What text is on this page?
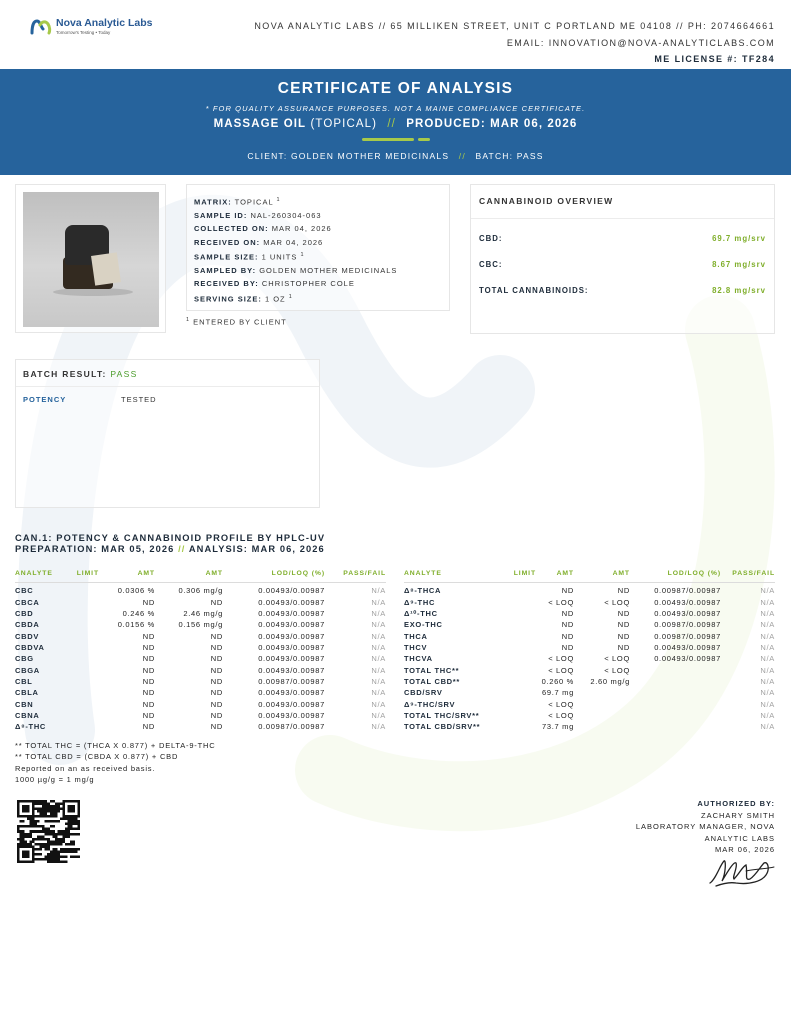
Nova Analytic Labs
Tomorrow's Testing • Today
NOVA ANALYTIC LABS // 65 MILLIKEN STREET, UNIT C PORTLAND ME 04108 // PH: 2074664661
EMAIL: INNOVATION@NOVA-ANALYTICLABS.COM
ME LICENSE #: TF284
CERTIFICATE OF ANALYSIS
* FOR QUALITY ASSURANCE PURPOSES. NOT A MAINE COMPLIANCE CERTIFICATE.
MASSAGE OIL (TOPICAL) // PRODUCED: MAR 06, 2026
CLIENT: GOLDEN MOTHER MEDICINALS // BATCH: PASS
MATRIX: TOPICAL $^1$
SAMPLE ID: NAL-260304-063
COLLECTED ON: MAR 04, 2026
RECEIVED ON: MAR 04, 2026
SAMPLE SIZE: 1 UNITS $^1$
SAMPLED BY: GOLDEN MOTHER MEDICINALS
RECEIVED BY: CHRISTOPHER COLE
SERVING SIZE: 1 OZ $^1$
$^1$ ENTERED BY CLIENT
CANNABINOID OVERVIEW
CBD:	69.7 mg/srv
CBC:	8.67 mg/srv
TOTAL CANNABINOIDS:	82.8 mg/srv
BATCH RESULT: PASS
POTENCY	TESTED
CAN.1: POTENCY & CANNABINOID PROFILE BY HPLC-UV
PREPARATION: MAR 05, 2026 // ANALYSIS: MAR 06, 2026
ANALYTE	LIMIT	AMT	AMT	LOD/LOQ (%)	PASS/FAIL
CBC		0.0306 %	0.306 mg/g	0.00493/0.00987	N/A
CBCA		ND	ND	0.00493/0.00987	N/A
CBD		0.246 %	2.46 mg/g	0.00493/0.00987	N/A
CBDA		0.0156 %	0.156 mg/g	0.00493/0.00987	N/A
CBDV		ND	ND	0.00493/0.00987	N/A
CBDVA		ND	ND	0.00493/0.00987	N/A
CBG		ND	ND	0.00493/0.00987	N/A
CBGA		ND	ND	0.00493/0.00987	N/A
CBL		ND	ND	0.00987/0.00987	N/A
CBLA		ND	ND	0.00493/0.00987	N/A
CBN		ND	ND	0.00493/0.00987	N/A
CBNA		ND	ND	0.00493/0.00987	N/A
Δ⁸-THC		ND	ND	0.00987/0.00987	N/A
ANALYTE	LIMIT	AMT	AMT	LOD/LOQ (%)	PASS/FAIL
Δ⁸-THCA		ND	ND	0.00987/0.00987	N/A
Δ⁹-THC		< LOQ	< LOQ	0.00493/0.00987	N/A
Δ¹⁰-THC		ND	ND	0.00493/0.00987	N/A
EXO-THC		ND	ND	0.00987/0.00987	N/A
THCA		ND	ND	0.00987/0.00987	N/A
THCV		ND	ND	0.00493/0.00987	N/A
THCVA		< LOQ	< LOQ	0.00493/0.00987	N/A
TOTAL THC**		< LOQ	< LOQ		N/A
TOTAL CBD**		0.260 %	2.60 mg/g		N/A
CBD/SRV		69.7 mg			N/A
Δ⁹-THC/SRV		< LOQ			N/A
TOTAL THC/SRV**		< LOQ			N/A
TOTAL CBD/SRV**		73.7 mg			N/A
** TOTAL THC = (THCA X 0.877) + DELTA-9-THC
** TOTAL CBD = (CBDA X 0.877) + CBD
Reported on an as received basis.
1000 µg/g = 1 mg/g
AUTHORIZED BY:
ZACHARY SMITH
LABORATORY MANAGER, NOVA
ANALYTIC LABS
MAR 06, 2026
